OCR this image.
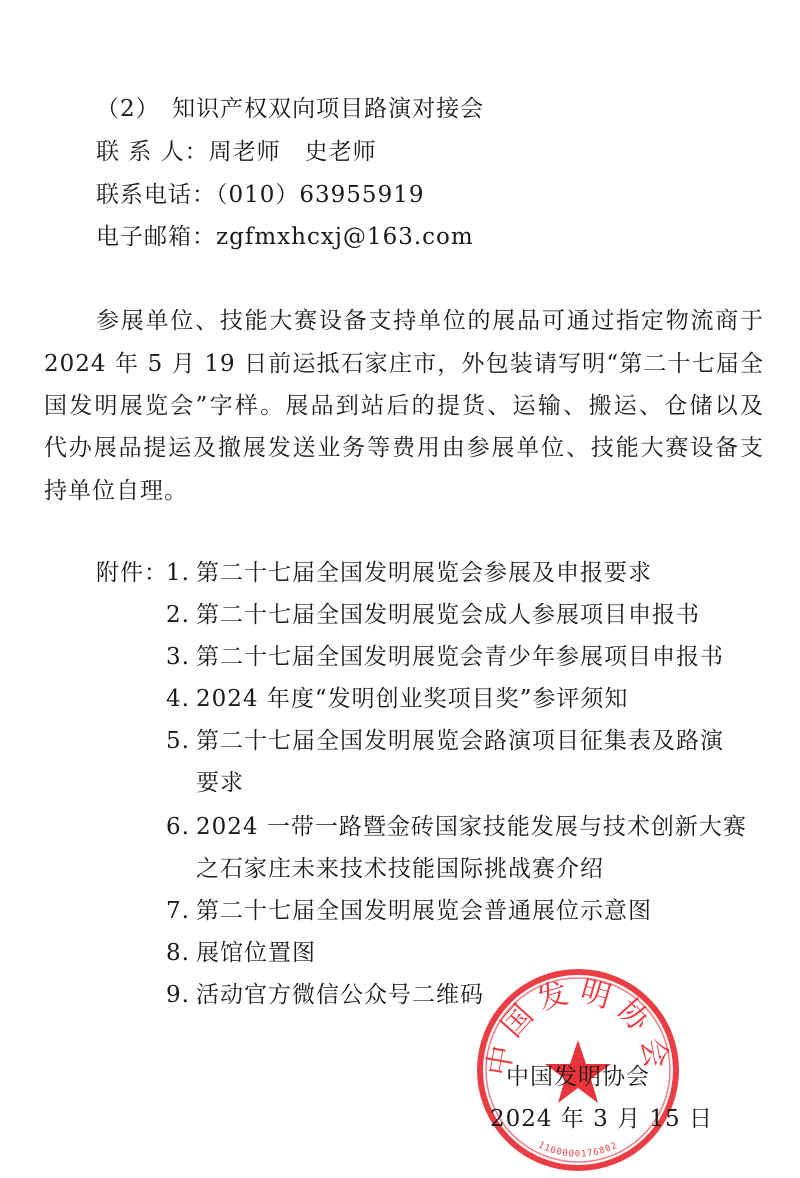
（2）　知识产权双向项目路演对接会
联 系 人：周老师　史老师
联系电话：（010）63955919
电子邮箱：zgfmxhcxj@163.com
参展单位、技能大赛设备支持单位的展品可通过指定物流商于
2024 年 5 月 19 日前运抵石家庄市，外包装请写明“第二十七届全
国发明展览会”字样。展品到站后的提货、运输、搬运、仓储以及
代办展品提运及撤展发送业务等费用由参展单位、技能大赛设备支
持单位自理。
附件：
1. 第二十七届全国发明展览会参展及申报要求
2. 第二十七届全国发明展览会成人参展项目申报书
3. 第二十七届全国发明展览会青少年参展项目申报书
4. 2024 年度“发明创业奖项目奖”参评须知
5. 第二十七届全国发明展览会路演项目征集表及路演
要求
6. 2024 一带一路暨金砖国家技能发展与技术创新大赛
之石家庄未来技术技能国际挑战赛介绍
7. 第二十七届全国发明展览会普通展位示意图
8. 展馆位置图
9. 活动官方微信公众号二维码
中国发明协会
1100000176802
中国发明协会
2024 年 3 月 15 日
